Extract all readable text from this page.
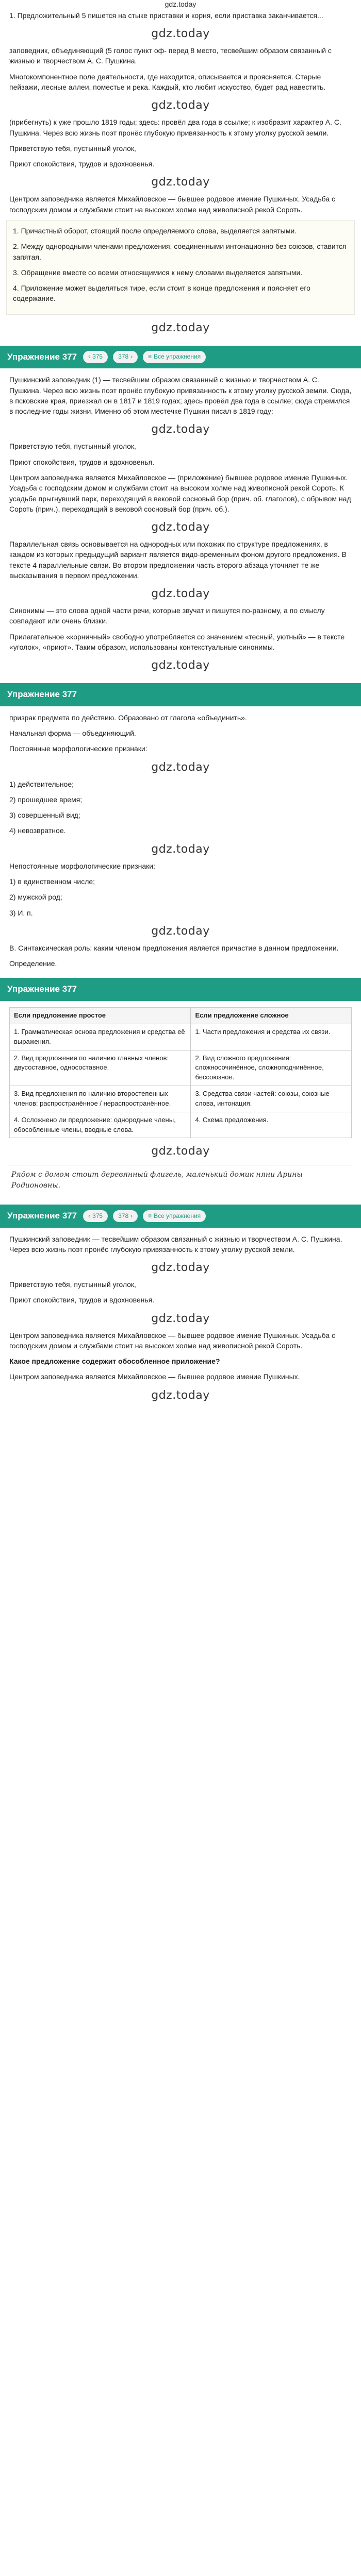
gdz.today

1. Предложительный 5 пишется на стыке приставки и корня, если приставка заканчивается...

gdz.today

заповедник, объединяющий (5 голос пункт оф- перед 8 место, тесвейшим образом связанный с жизнью и творчеством А. С. Пушкина.

Многокомпонентное поле деятельности, где находится, описывается и проясняется. Старые пейзажи, лесные аллеи, поместье и река. Каждый, кто любит искусство, будет рад навестить.

gdz.today

(прибегнуть) к уже прошло 1819 годы; здесь: провёл два года в ссылке; к изобразит характер А. С. Пушкина. Через всю жизнь поэт пронёс глубокую привязанность к этому уголку русской земли.

Приветствую тебя, пустынный уголок,

Приют спокойствия, трудов и вдохновенья.

gdz.today

Центром заповедника является Михайловское — бывшее родовое имение Пушкиных. Усадьба с господским домом и службами стоит на высоком холме над живописной рекой Сороть.

1. Причастный оборот, стоящий после определяемого слова, выделяется запятыми.

2. Между однородными членами предложения, соединенными интонационно без союзов, ставится запятая.

3. Обращение вместе со всеми относящимися к нему словами выделяется запятыми.

4. Приложение может выделяться тире, если стоит в конце предложения и поясняет его содержание.

gdz.today
Упражнение 377 ‹ 375	378 ›	≡ Все упражнения

Пушкинский заповедник (1) — тесвейшим образом связанный с жизнью и творчеством А. С. Пушкина. Через всю жизнь поэт пронёс глубокую привязанность к этому уголку русской земли. Сюда, в псковские края, приезжал он в 1817 и 1819 годах; здесь провёл два года в ссылке; сюда стремился в последние годы жизни. Именно об этом местечке Пушкин писал в 1819 году:

gdz.today

Приветствую тебя, пустынный уголок,

Приют спокойствия, трудов и вдохновенья.

Центром заповедника является Михайловское — (приложение) бывшее родовое имение Пушкиных. Усадьба с господским домом и службами стоит на высоком холме над живописной рекой Сороть. К усадьбе прыгнувший парк, переходящий в вековой сосновый бор (прич. об. глаголов), с обрывом над Сороть (прич.), переходящий в вековой сосновый бор (прич. об.).

gdz.today

Параллельная связь основывается на однородных или похожих по структуре предложениях, в каждом из которых предыдущий вариант является видо-временным фоном другого предложения. В тексте 4 параллельные связи. Во втором предложении часть второго абзаца уточняет те же высказывания в первом предложении.

gdz.today

Синонимы — это слова одной части речи, которые звучат и пишутся по-разному, а по смыслу совпадают или очень близки.

Прилагательное «корничный» свободно употребляется со значением «тесный, уютный» — в тексте «уголок», «приют». Таким образом, использованы контекстуальные синонимы.

gdz.today
Упражнение 377

призрак предмета по действию. Образовано от глагола «объединить».

Начальная форма — объединяющий.

Постоянные морфологические признаки:

gdz.today

1) действительное;

2) прошедшее время;

3) совершенный вид;

4) невозвратное.

gdz.today

Непостоянные морфологические признаки:

1) в единственном числе;

2) мужской род;

3) И. п.

gdz.today

В. Синтаксическая роль: каким членом предложения является причастие в данном предложении.

Определение.

Упражнение 377
Если предложение простое	Если предложение сложное
1. Грамматическая основа предложения и средства её выражения.	1. Части предложения и средства их связи.
2. Вид предложения по наличию главных членов: двусоставное, односоставное.	2. Вид сложного предложения: сложносочинённое, сложноподчинённое, бессоюзное.
3. Вид предложения по наличию второстепенных членов: распространённое / нераспространённое.	3. Средства связи частей: союзы, союзные слова, интонация.
4. Осложнено ли предложение: однородные члены, обособленные члены, вводные слова.	4. Схема предложения.
gdz.today
Рядом с домом стоит деревянный флигель, маленький домик няни Арины Родионовны.
Упражнение 377 ‹ 375	378 ›	≡ Все упражнения

Пушкинский заповедник — тесвейшим образом связанный с жизнью и творчеством А. С. Пушкина. Через всю жизнь поэт пронёс глубокую привязанность к этому уголку русской земли.

gdz.today

Приветствую тебя, пустынный уголок,

Приют спокойствия, трудов и вдохновенья.

gdz.today

Центром заповедника является Михайловское — бывшее родовое имение Пушкиных. Усадьба с господским домом и службами стоит на высоком холме над живописной рекой Сороть.

Какое предложение содержит обособленное приложение?

Центром заповедника является Михайловское — бывшее родовое имение Пушкиных.

gdz.today
